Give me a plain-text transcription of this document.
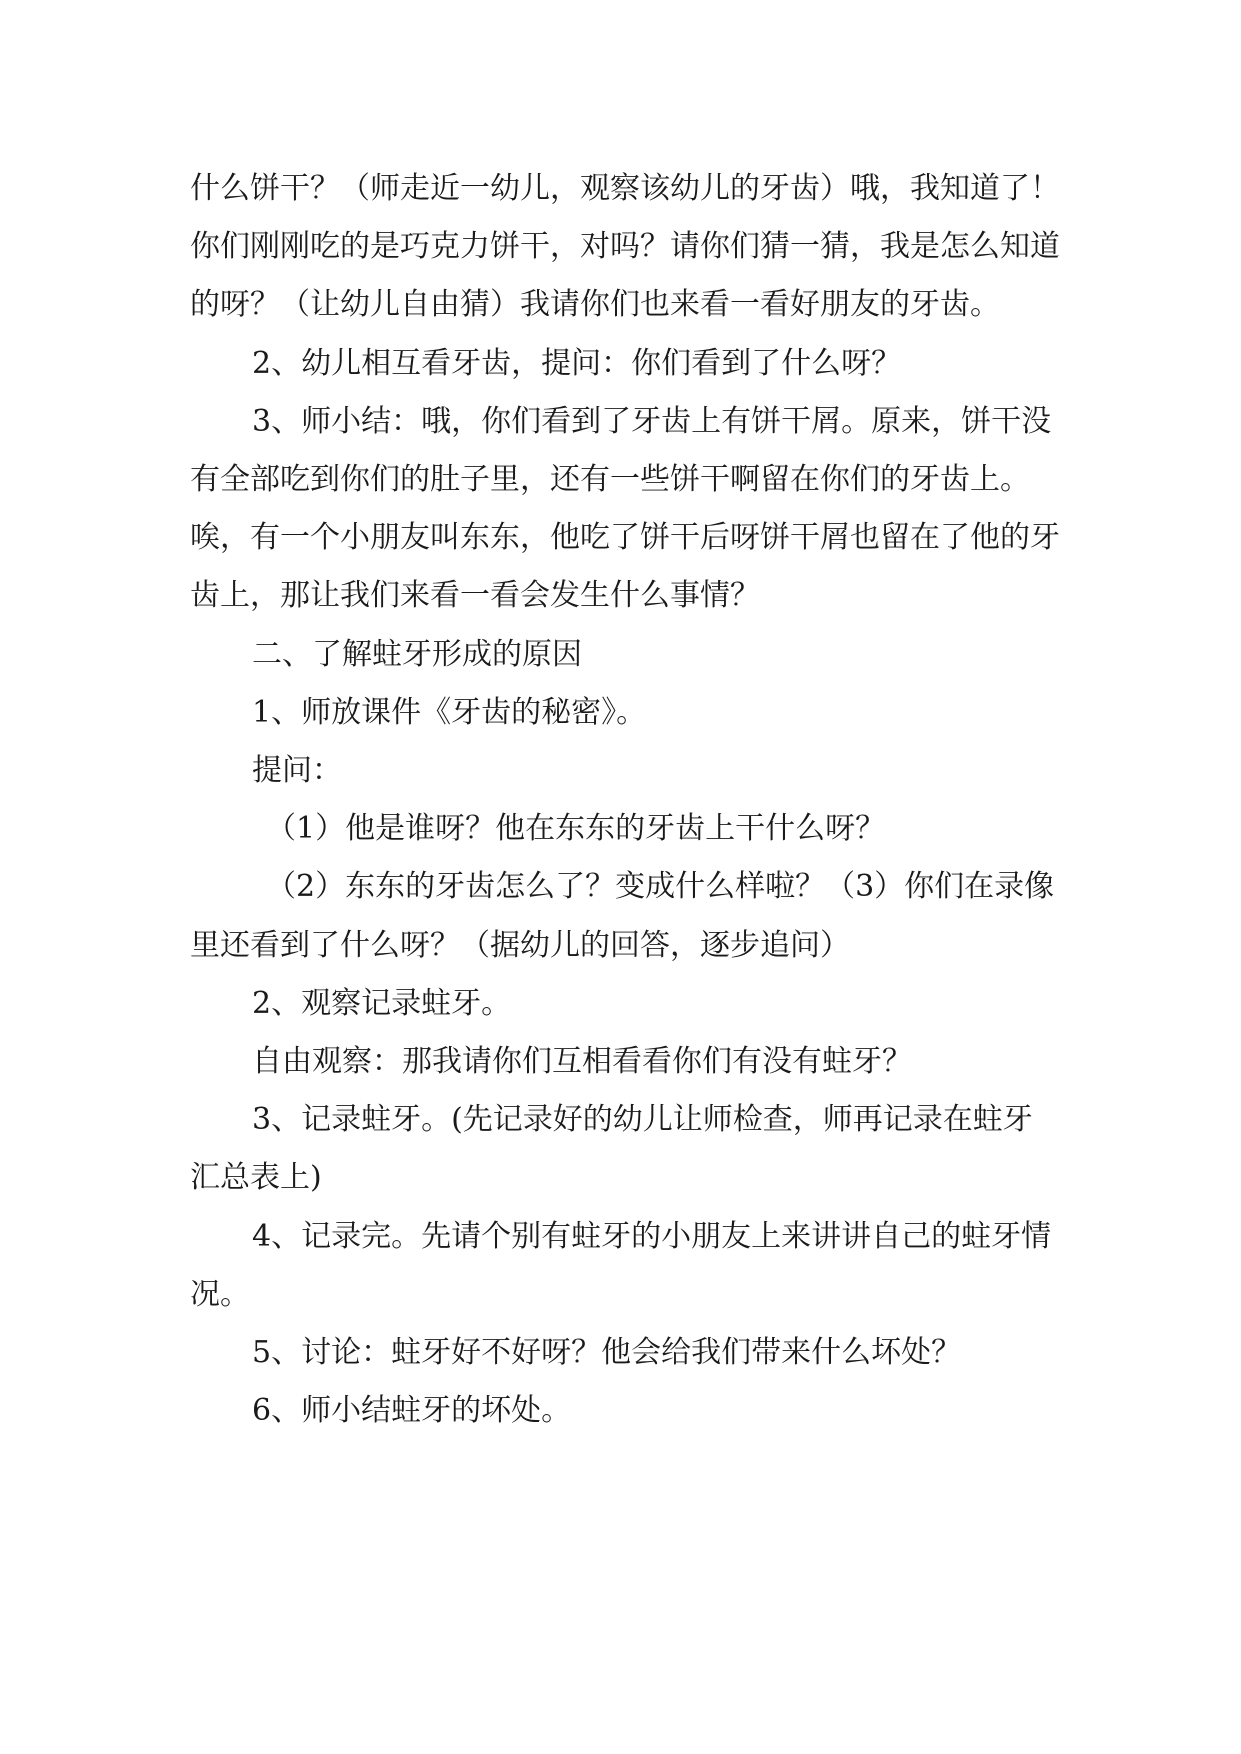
什么饼干？（师走近一幼儿，观察该幼儿的牙齿）哦，我知道了！你们刚刚吃的是巧克力饼干，对吗？请你们猜一猜，我是怎么知道的呀？（让幼儿自由猜）我请你们也来看一看好朋友的牙齿。

2、幼儿相互看牙齿，提问：你们看到了什么呀？

3、师小结：哦，你们看到了牙齿上有饼干屑。原来，饼干没有全部吃到你们的肚子里，还有一些饼干啊留在你们的牙齿上。唉，有一个小朋友叫东东，他吃了饼干后呀饼干屑也留在了他的牙齿上，那让我们来看一看会发生什么事情？

二、了解蛀牙形成的原因

1、师放课件《牙齿的秘密》。

提问：

（1）他是谁呀？他在东东的牙齿上干什么呀？

（2）东东的牙齿怎么了？变成什么样啦？（3）你们在录像里还看到了什么呀？（据幼儿的回答，逐步追问）

2、观察记录蛀牙。

自由观察：那我请你们互相看看你们有没有蛀牙？

3、记录蛀牙。(先记录好的幼儿让师检查，师再记录在蛀牙汇总表上)

4、记录完。先请个别有蛀牙的小朋友上来讲讲自己的蛀牙情况。

5、讨论：蛀牙好不好呀？他会给我们带来什么坏处？

6、师小结蛀牙的坏处。
